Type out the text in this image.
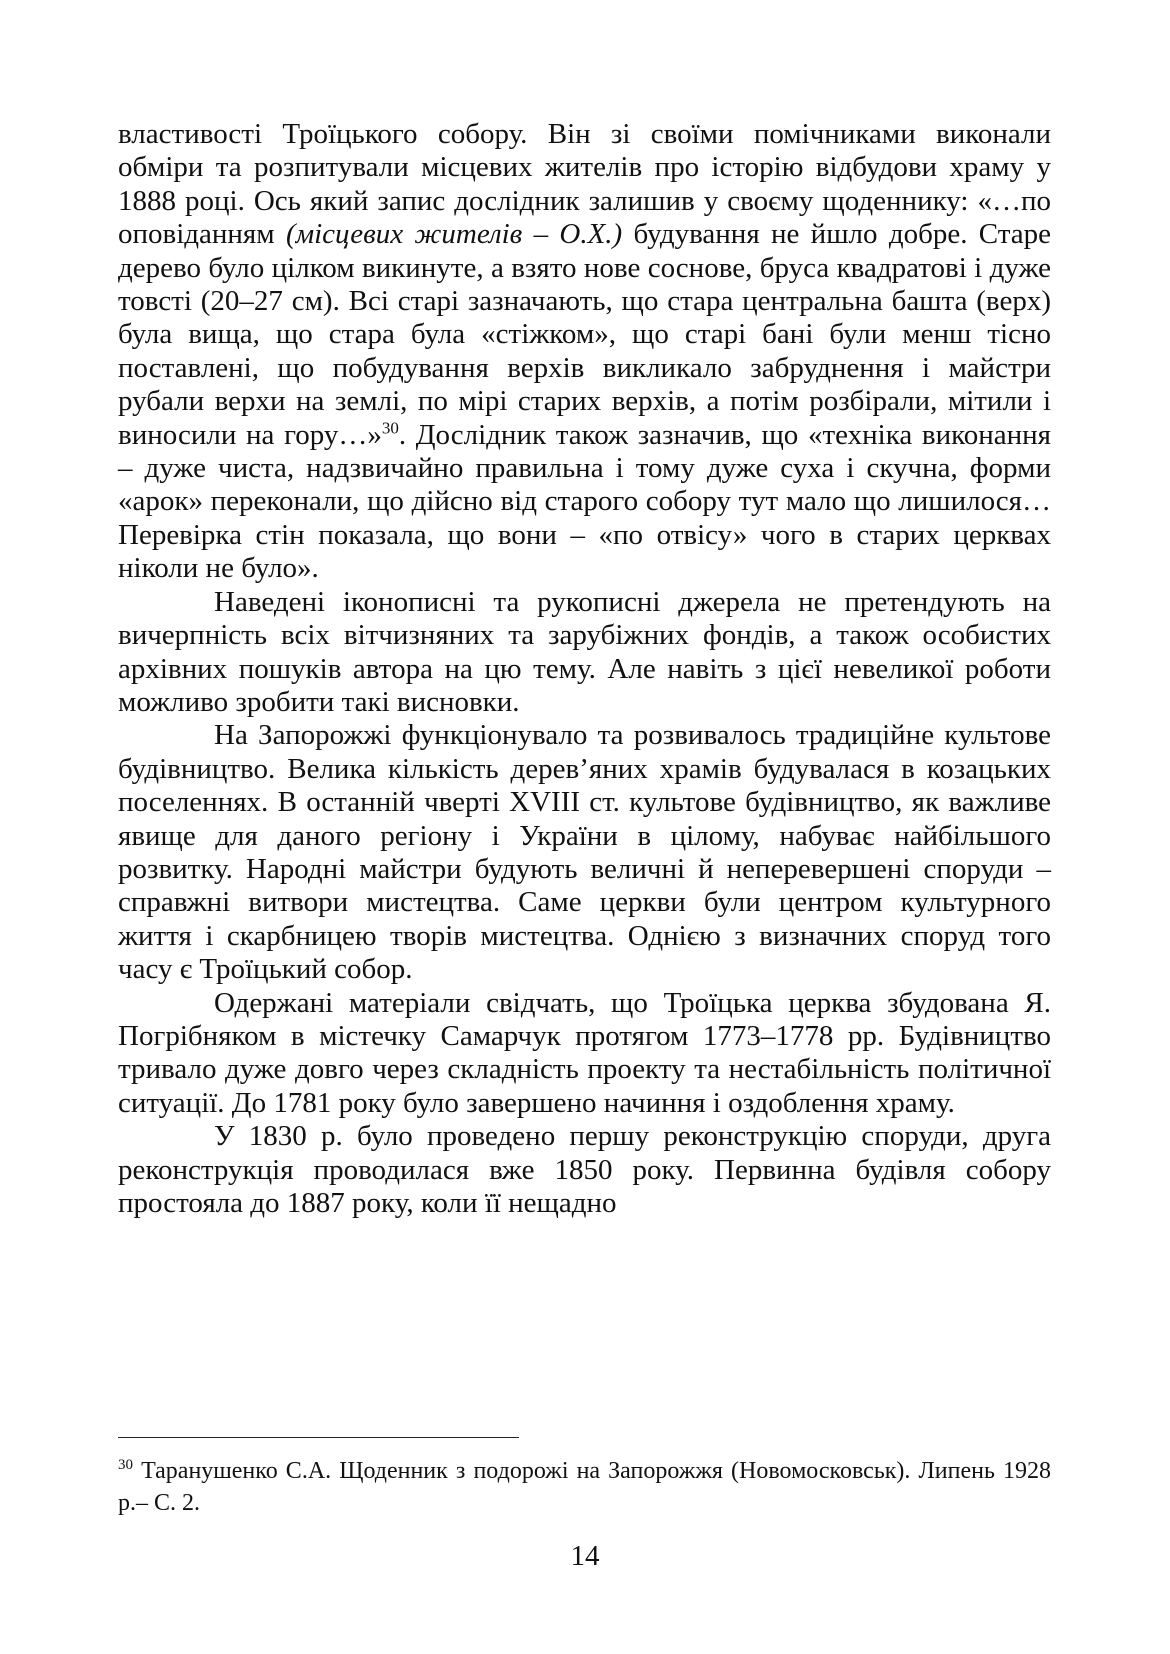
властивості Троїцького собору. Він зі своїми помічниками виконали обміри та розпитували місцевих жителів про історію відбудови храму у 1888 році. Ось який запис дослідник залишив у своєму щоденнику: «…по оповіданням (місцевих жителів – О.Х.) будування не йшло добре. Старе дерево було цілком викинуте, а взято нове соснове, бруса квадратові і дуже товсті (20–27 см). Всі старі зазначають, що стара центральна башта (верх) була вища, що стара була «стіжком», що старі бані були менш тісно поставлені, що побудування верхів викликало забруднення і майстри рубали верхи на землі, по мірі старих верхів, а потім розбірали, мітили і виносили на гору…»$^{30}$. Дослідник також зазначив, що «техніка виконання – дуже чиста, надзвичайно правильна і тому дуже суха і скучна, форми «арок» переконали, що дійсно від старого собору тут мало що лишилося… Перевірка стін показала, що вони – «по отвісу» чого в старих церквах ніколи не було».

Наведені іконописні та рукописні джерела не претендують на вичерпність всіх вітчизняних та зарубіжних фондів, а також особистих архівних пошуків автора на цю тему. Але навіть з цієї невеликої роботи можливо зробити такі висновки.

На Запорожжі функціонувало та розвивалось традиційне культове будівництво. Велика кількість дерев’яних храмів будувалася в козацьких поселеннях. В останній чверті XVIII ст. культове будівництво, як важливе явище для даного регіону і України в цілому, набуває найбільшого розвитку. Народні майстри будують величні й неперевершені споруди – справжні витвори мистецтва. Саме церкви були центром культурного життя і скарбницею творів мистецтва. Однією з визначних споруд того часу є Троїцький собор.

Одержані матеріали свідчать, що Троїцька церква збудована Я. Погрібняком в містечку Самарчук протягом 1773–1778 рр. Будівництво тривало дуже довго через складність проекту та нестабільність політичної ситуації. До 1781 року було завершено начиння і оздоблення храму.

У 1830 р. було проведено першу реконструкцію споруди, друга реконструкція проводилася вже 1850 року. Первинна будівля собору простояла до 1887 року, коли її нещадно

$^{30}$ Таранушенко С.А. Щоденник з подорожі на Запорожжя (Новомосковськ). Липень 1928 р.– С. 2.

14
